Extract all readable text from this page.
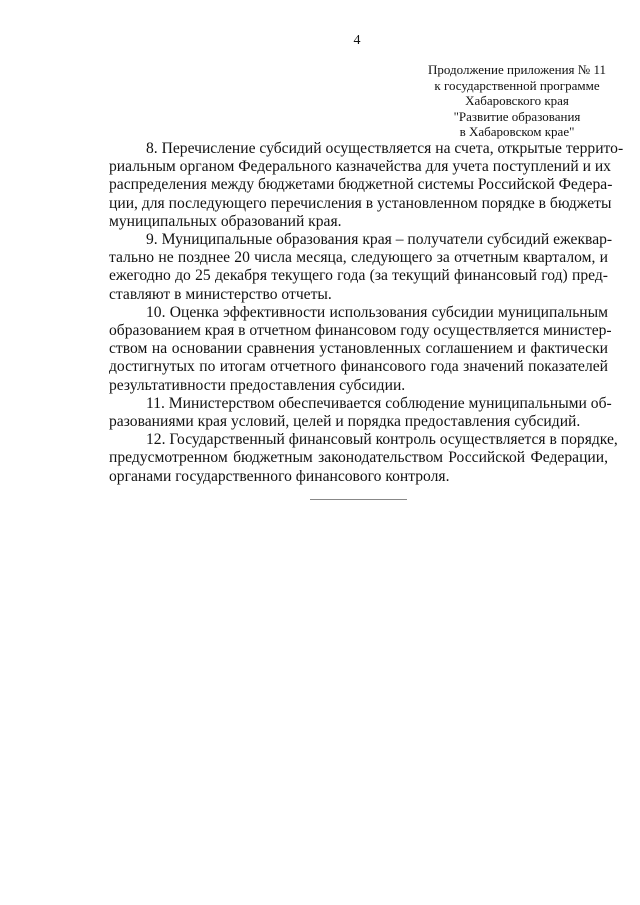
4
Продолжение приложения № 11
к государственной программе
Хабаровского края
"Развитие образования
в Хабаровском крае"
8. Перечисление субсидий осуществляется на счета, открытые террито-
риальным органом Федерального казначейства для учета поступлений и их
распределения между бюджетами бюджетной системы Российской Федера-
ции, для последующего перечисления в установленном порядке в бюджеты
муниципальных образований края.
9. Муниципальные образования края – получатели субсидий ежеквар-
тально не позднее 20 числа месяца, следующего за отчетным кварталом, и
ежегодно до 25 декабря текущего года (за текущий финансовый год) пред-
ставляют в министерство отчеты.
10. Оценка эффективности использования субсидии муниципальным
образованием края в отчетном финансовом году осуществляется министер-
ством на основании сравнения установленных соглашением и фактически
достигнутых по итогам отчетного финансового года значений показателей
результативности предоставления субсидии.
11. Министерством обеспечивается соблюдение муниципальными об-
разованиями края условий, целей и порядка предоставления субсидий.
12. Государственный финансовый контроль осуществляется в порядке,
предусмотренном бюджетным законодательством Российской Федерации,
органами государственного финансового контроля.
